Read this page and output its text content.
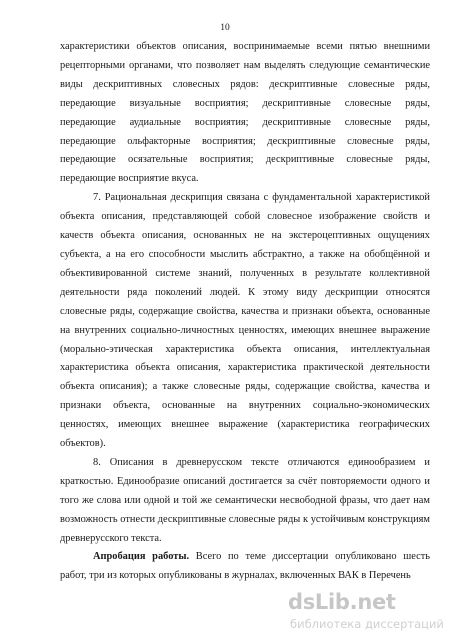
10

характеристики объектов описания, воспринимаемые всеми пятью внешними рецепторными органами, что позволяет нам выделять следующие семантические виды дескриптивных словесных рядов: дескриптивные словесные ряды, передающие визуальные восприятия; дескриптивные словесные ряды, передающие аудиальные восприятия; дескриптивные словесные ряды, передающие ольфакторные восприятия; дескриптивные словесные ряды, передающие осязательные восприятия; дескриптивные словесные ряды, передающие восприятие вкуса.

7. Рациональная дескрипция связана с фундаментальной характеристикой объекта описания, представляющей собой словесное изображение свойств и качеств объекта описания, основанных не на экстероцептивных ощущениях субъекта, а на его способности мыслить абстрактно, а также на обобщённой и объективированной системе знаний, полученных в результате коллективной деятельности ряда поколений людей. К этому виду дескрипции относятся словесные ряды, содержащие свойства, качества и признаки объекта, основанные на внутренних социально-личностных ценностях, имеющих внешнее выражение (морально-этическая характеристика объекта описания, интеллектуальная характеристика объекта описания, характеристика практической деятельности объекта описания); а также словесные ряды, содержащие свойства, качества и признаки объекта, основанные на внутренних социально-экономических ценностях, имеющих внешнее выражение (характеристика географических объектов).

8. Описания в древнерусском тексте отличаются единообразием и краткостью. Единообразие описаний достигается за счёт повторяемости одного и того же слова или одной и той же семантически несвободной фразы, что дает нам возможность отнести дескриптивные словесные ряды к устойчивым конструкциям древнерусского текста.

Апробация работы. Всего по теме диссертации опубликовано шесть работ, три из которых опубликованы в журналах, включенных ВАК в Перечень

dsLib.net
библиотека диссертаций
